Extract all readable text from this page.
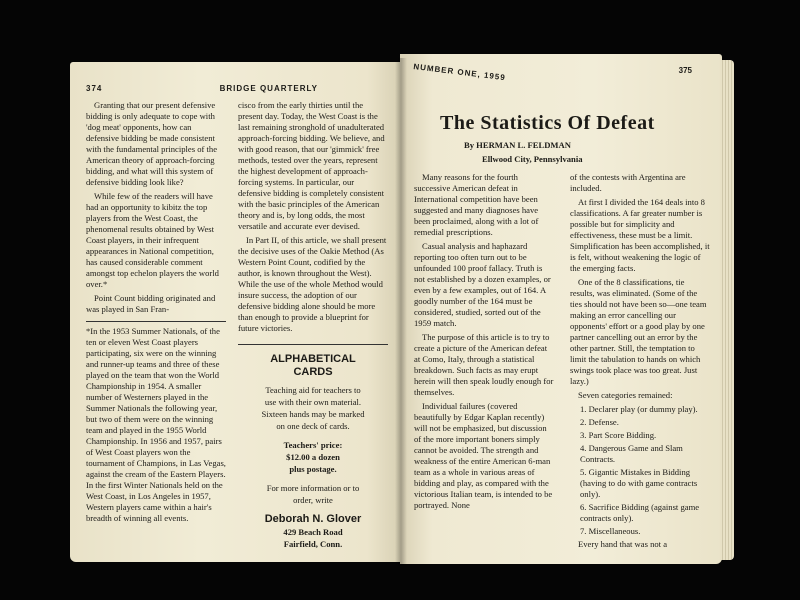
374	BRIDGE QUARTERLY

Granting that our present defensive bidding is only adequate to cope with 'dog meat' opponents, how can defensive bidding be made consistent with the fundamental principles of the American theory of approach-forcing bidding, and what will this system of defensive bidding look like?

While few of the readers will have had an opportunity to kibitz the top players from the West Coast, the phenomenal results obtained by West Coast players, in their infrequent appearances in National competition, has caused considerable comment amongst top echelon players the world over.*

Point Count bidding originated and was played in San Fran-

*In the 1953 Summer Nationals, of the ten or eleven West Coast players participating, six were on the winning and runner-up teams and three of these played on the team that won the World Championship in 1954. A smaller number of Westerners played in the Summer Nationals the following year, but two of them were on the winning team and played in the 1955 World Championship. In 1956 and 1957, pairs of West Coast players won the tournament of Champions, in Las Vegas, against the cream of the Eastern Players. In the first Winter Nationals held on the West Coast, in Los Angeles in 1957, Western players came within a hair's breadth of winning all events.

cisco from the early thirties until the present day. Today, the West Coast is the last remaining stronghold of unadulterated approach-forcing bidding. We believe, and with good reason, that our 'gimmick' free methods, tested over the years, represent the highest development of approach-forcing systems. In particular, our defensive bidding is completely consistent with the basic principles of the American theory and is, by long odds, the most versatile and accurate ever devised.

In Part II, of this article, we shall present the decisive uses of the Oakie Method (As Western Point Count, codified by the author, is known throughout the West). While the use of the whole Method would insure success, the adoption of our defensive bidding alone should be more than enough to provide a blueprint for future victories.

ALPHABETICAL
CARDS
Teaching aid for teachers to
use with their own material.
Sixteen hands may be marked
on one deck of cards.
Teachers' price:
$12.00 a dozen
plus postage.
For more information or to
order, write
Deborah N. Glover
429 Beach Road
Fairfield, Conn.
NUMBER ONE, 1959	375
The Statistics Of Defeat
By HERMAN L. FELDMAN
Ellwood City, Pennsylvania

Many reasons for the fourth successive American defeat in International competition have been suggested and many diagnoses have been proclaimed, along with a lot of remedial prescriptions.

Casual analysis and haphazard reporting too often turn out to be unfounded 100 proof fallacy. Truth is not established by a dozen examples, or even by a few examples, out of 164. A goodly number of the 164 must be considered, studied, sorted out of the 1959 match.

The purpose of this article is to try to create a picture of the American defeat at Como, Italy, through a statistical breakdown. Such facts as may erupt herein will then speak loudly enough for themselves.

Individual failures (covered beautifully by Edgar Kaplan recently) will not be emphasized, but discussion of the more important boners simply cannot be avoided. The strength and weakness of the entire American 6-man team as a whole in various areas of bidding and play, as compared with the victorious Italian team, is intended to be portrayed. None

of the contests with Argentina are included.

At first I divided the 164 deals into 8 classifications. A far greater number is possible but for simplicity and effectiveness, these must be a limit. Simplification has been accomplished, it is felt, without weakening the logic of the emerging facts.

One of the 8 classifications, tie results, was eliminated. (Some of the ties should not have been so—one team making an error cancelling our opponents' effort or a good play by one partner cancelling out an error by the other partner. Still, the temptation to limit the tabulation to hands on which swings took place was too great. Just lazy.)

Seven categories remained:

1. Declarer play (or dummy play).
2. Defense.
3. Part Score Bidding.
4. Dangerous Game and Slam Contracts.
5. Gigantic Mistakes in Bidding (having to do with game contracts only).
6. Sacrifice Bidding (against game contracts only).
7. Miscellaneous.

Every hand that was not a
